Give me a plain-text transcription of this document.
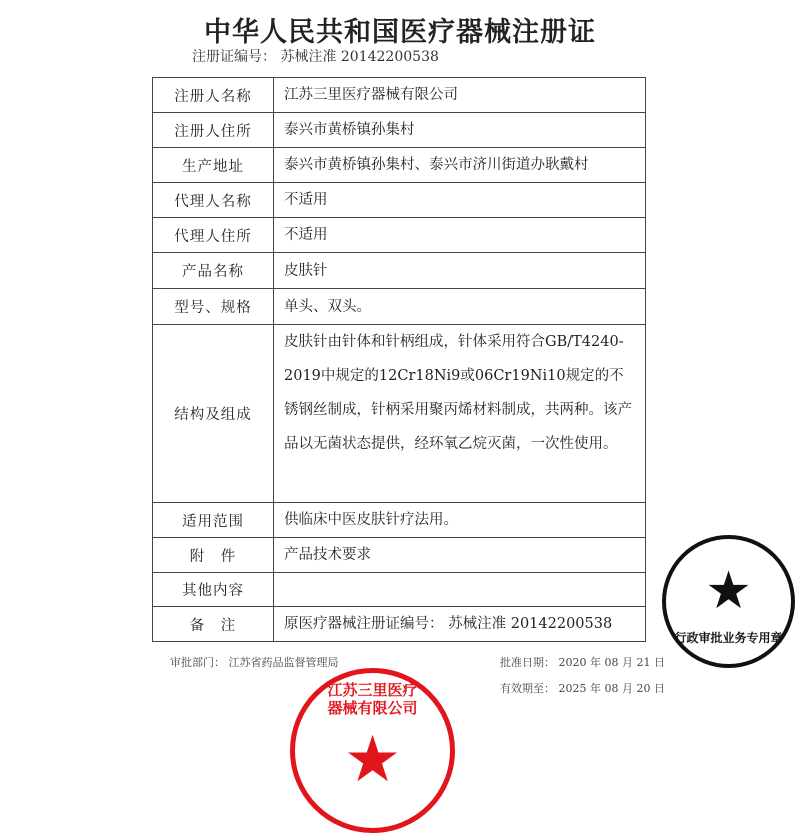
中华人民共和国医疗器械注册证
注册证编号： 苏械注准 20142200538
注册人名称	江苏三里医疗器械有限公司
注册人住所	泰兴市黄桥镇孙集村
生产地址	泰兴市黄桥镇孙集村、泰兴市济川街道办耿戴村
代理人名称	不适用
代理人住所	不适用
产品名称	皮肤针
型号、规格	单头、双头。
结构及组成	皮肤针由针体和针柄组成，针体采用符合GB/T4240-2019中规定的12Cr18Ni9或06Cr19Ni10规定的不锈钢丝制成，针柄采用聚丙烯材料制成，共两种。该产品以无菌状态提供，经环氧乙烷灭菌，一次性使用。
适用范围	供临床中医皮肤针疗法用。
附　件	产品技术要求
其他内容	
备　注	原医疗器械注册证编号： 苏械注准 20142200538
审批部门： 江苏省药品监督管理局	批准日期： 2020 年 08 月 21 日
有效期至： 2025 年 08 月 20 日
★
行政审批业务专用章
江苏三里医疗
器械有限公司
★
